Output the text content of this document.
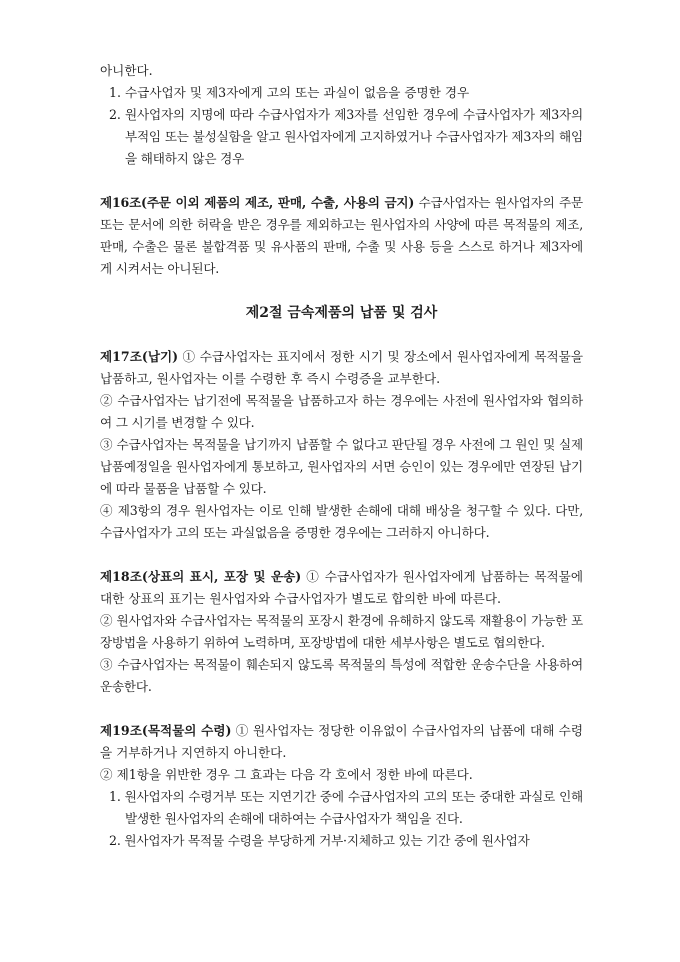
아니한다.

1. 수급사업자 및 제3자에게 고의 또는 과실이 없음을 증명한 경우

2. 원사업자의 지명에 따라 수급사업자가 제3자를 선임한 경우에 수급사업자가 제3자의 부적임 또는 불성실함을 알고 원사업자에게 고지하였거나 수급사업자가 제3자의 해임을 해태하지 않은 경우

제16조(주문 이외 제품의 제조, 판매, 수출, 사용의 금지) 수급사업자는 원사업자의 주문 또는 문서에 의한 허락을 받은 경우를 제외하고는 원사업자의 사양에 따른 목적물의 제조, 판매, 수출은 물론 불합격품 및 유사품의 판매, 수출 및 사용 등을 스스로 하거나 제3자에게 시켜서는 아니된다.

제2절 금속제품의 납품 및 검사

제17조(납기) ① 수급사업자는 표지에서 정한 시기 및 장소에서 원사업자에게 목적물을 납품하고, 원사업자는 이를 수령한 후 즉시 수령증을 교부한다.

② 수급사업자는 납기전에 목적물을 납품하고자 하는 경우에는 사전에 원사업자와 협의하여 그 시기를 변경할 수 있다.

③ 수급사업자는 목적물을 납기까지 납품할 수 없다고 판단될 경우 사전에 그 원인 및 실제 납품예정일을 원사업자에게 통보하고, 원사업자의 서면 승인이 있는 경우에만 연장된 납기에 따라 물품을 납품할 수 있다.

④ 제3항의 경우 원사업자는 이로 인해 발생한 손해에 대해 배상을 청구할 수 있다. 다만, 수급사업자가 고의 또는 과실없음을 증명한 경우에는 그러하지 아니하다.

제18조(상표의 표시, 포장 및 운송) ① 수급사업자가 원사업자에게 납품하는 목적물에 대한 상표의 표기는 원사업자와 수급사업자가 별도로 합의한 바에 따른다.

② 원사업자와 수급사업자는 목적물의 포장시 환경에 유해하지 않도록 재활용이 가능한 포장방법을 사용하기 위하여 노력하며, 포장방법에 대한 세부사항은 별도로 협의한다.

③ 수급사업자는 목적물이 훼손되지 않도록 목적물의 특성에 적합한 운송수단을 사용하여 운송한다.

제19조(목적물의 수령) ① 원사업자는 정당한 이유없이 수급사업자의 납품에 대해 수령을 거부하거나 지연하지 아니한다.

② 제1항을 위반한 경우 그 효과는 다음 각 호에서 정한 바에 따른다.

1. 원사업자의 수령거부 또는 지연기간 중에 수급사업자의 고의 또는 중대한 과실로 인해 발생한 원사업자의 손해에 대하여는 수급사업자가 책임을 진다.

2. 원사업자가 목적물 수령을 부당하게 거부·지체하고 있는 기간 중에 원사업자
